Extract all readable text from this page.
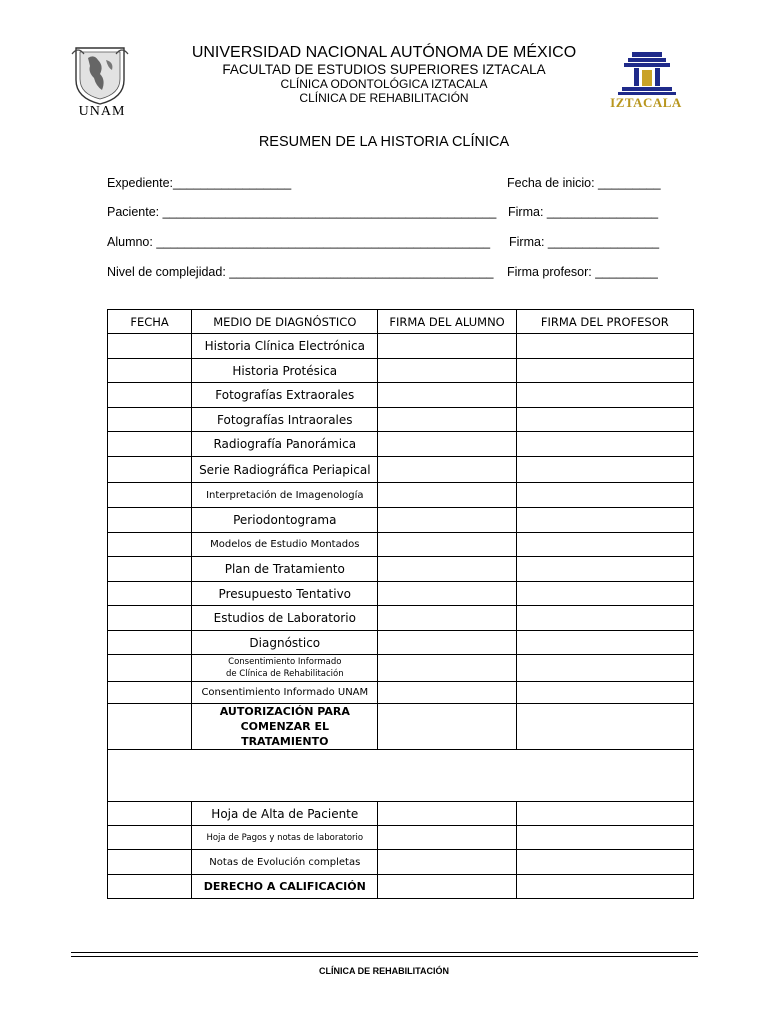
UNAM
UNIVERSIDAD NACIONAL AUTÓNOMA DE MÉXICO
FACULTAD DE ESTUDIOS SUPERIORES IZTACALA
CLÍNICA ODONTOLÓGICA IZTACALA
CLÍNICA DE REHABILITACIÓN	IZTACALA
RESUMEN DE LA HISTORIA CLÍNICA
Expediente:_________________	Fecha de inicio: _________
Paciente: ________________________________________________ Firma: ________________
Alumno: ________________________________________________ Firma: ________________
Nivel de complejidad: ______________________________________ Firma profesor: _________
FECHA	MEDIO DE DIAGNÓSTICO	FIRMA DEL ALUMNO	FIRMA DEL PROFESOR
	Historia Clínica Electrónica		
	Historia Protésica		
	Fotografías Extraorales		
	Fotografías Intraorales		
	Radiografía Panorámica		
	Serie Radiográfica Periapical		
	Interpretación de Imagenología		
	Periodontograma		
	Modelos de Estudio Montados		
	Plan de Tratamiento		
	Presupuesto Tentativo		
	Estudios de Laboratorio		
	Diagnóstico		
	Consentimiento Informado de Clínica de Rehabilitación		
	Consentimiento Informado UNAM		
	AUTORIZACIÓN PARA COMENZAR EL TRATAMIENTO		

	Hoja de Alta de Paciente		
	Hoja de Pagos y notas de laboratorio		
	Notas de Evolución completas		
	DERECHO A CALIFICACIÓN		
CLÍNICA DE REHABILITACIÓN
